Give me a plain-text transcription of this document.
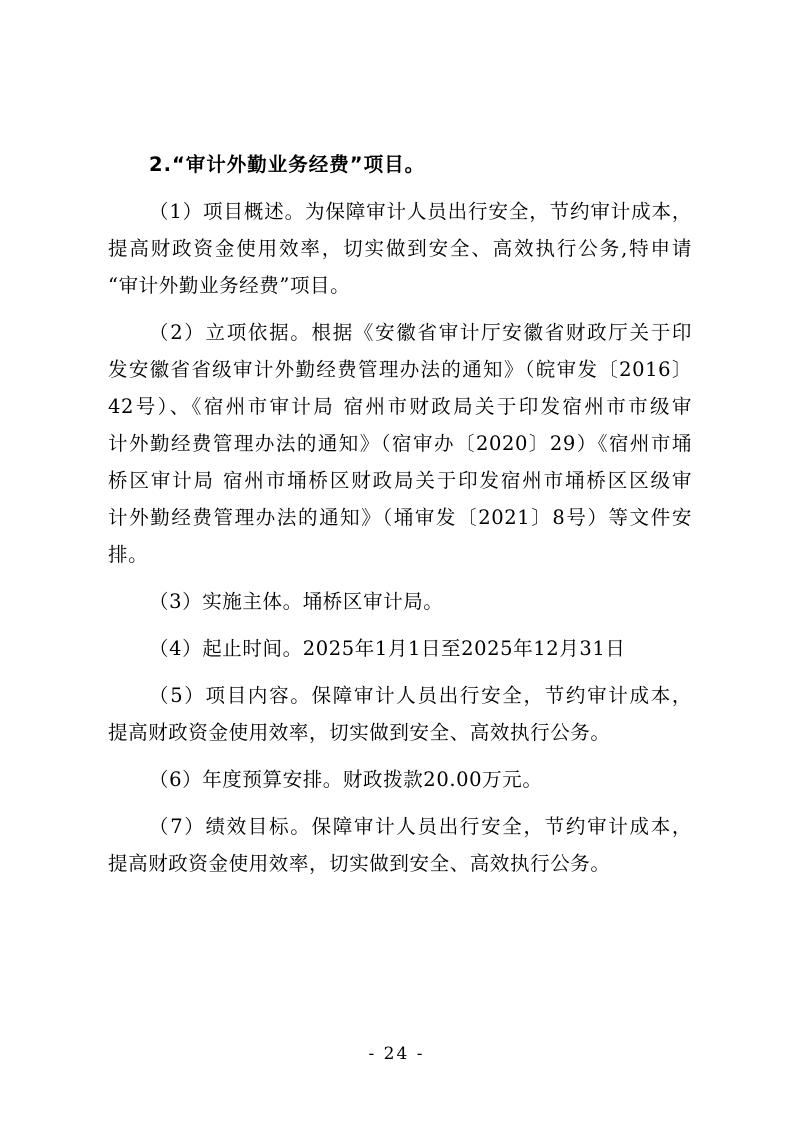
2.“审计外勤业务经费”项目。
（1）项目概述。为保障审计人员出行安全，节约审计成本，
提高财政资金使用效率，切实做到安全、高效执行公务,特申请
“审计外勤业务经费”项目。
（2）立项依据。根据《安徽省审计厅安徽省财政厅关于印
发安徽省省级审计外勤经费管理办法的通知》（皖审发〔2016〕
42号）、《宿州市审计局 宿州市财政局关于印发宿州市市级审
计外勤经费管理办法的通知》（宿审办〔2020〕29）《宿州市埇
桥区审计局 宿州市埇桥区财政局关于印发宿州市埇桥区区级审
计外勤经费管理办法的通知》（埇审发〔2021〕8号）等文件安
排。
（3）实施主体。埇桥区审计局。
（4）起止时间。2025年1月1日至2025年12月31日
（5）项目内容。保障审计人员出行安全，节约审计成本，
提高财政资金使用效率，切实做到安全、高效执行公务。
（6）年度预算安排。财政拨款20.00万元。
（7）绩效目标。保障审计人员出行安全，节约审计成本，
提高财政资金使用效率，切实做到安全、高效执行公务。
- 24 -
